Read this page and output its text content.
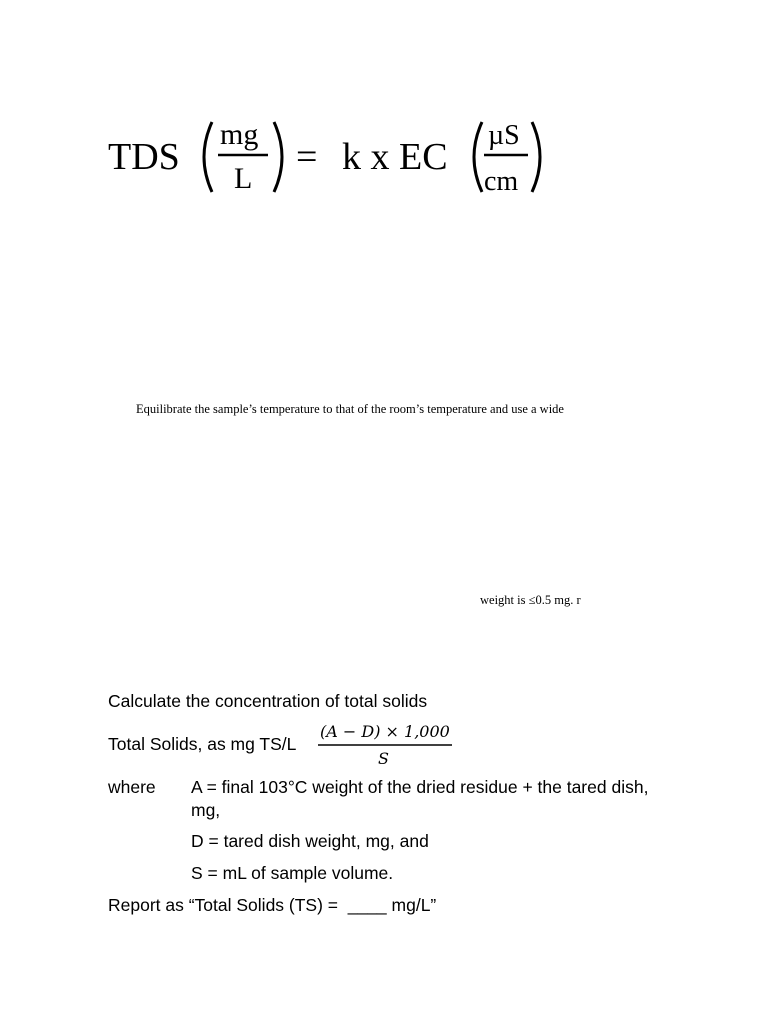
TDS
mg
L
= k x EC
µS
cm
Equilibrate the sample’s temperature to that of the room’s temperature and use a wide
weight is ≤0.5 mg. r
Calculate the concentration of total solids
Total Solids, as mg TS/L
(A − D) × 1,000
S
where A = final 103°C weight of the dried residue + the tared dish,
mg,
D = tared dish weight, mg, and
S = mL of sample volume.
Report as “Total Solids (TS) =  ____ mg/L”
